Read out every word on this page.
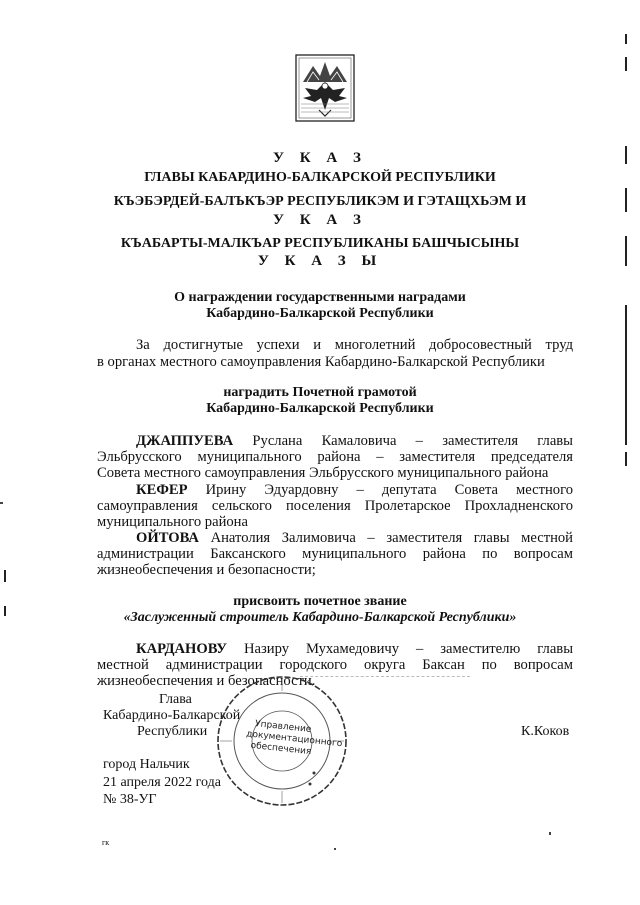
У К А З
ГЛАВЫ КАБАРДИНО-БАЛКАРСКОЙ РЕСПУБЛИКИ
КЪЭБЭРДЕЙ-БАЛЪКЪЭР РЕСПУБЛИКЭМ И ГЭТАЩХЬЭМ И
У К А З
КЪАБАРТЫ-МАЛКЪАР РЕСПУБЛИКАНЫ БАШЧЫСЫНЫ
У К А З Ы
О награждении государственными наградами
Кабардино-Балкарской Республики
За достигнутые успехи и многолетний добросовестный труд
в органах местного самоуправления Кабардино-Балкарской Республики
наградить Почетной грамотой
Кабардино-Балкарской Республики
ДЖАППУЕВА Руслана Камаловича – заместителя главы
Эльбрусского муниципального района – заместителя председателя
Совета местного самоуправления Эльбрусского муниципального района
КЕФЕР Ирину Эдуардовну – депутата Совета местного
самоуправления сельского поселения Пролетарское Прохладненского
муниципального района
ОЙТОВА Анатолия Залимовича – заместителя главы местной
администрации Баксанского муниципального района по вопросам
жизнеобеспечения и безопасности;
присвоить почетное звание
«Заслуженный строитель Кабардино-Балкарской Республики»
КАРДАНОВУ Назиру Мухамедовичу – заместителю главы
местной администрации городского округа Баксан по вопросам
жизнеобеспечения и безопасности.
Глава
Кабардино-Балкарской
Республики	К.Коков
Управление документационного обеспечения
город Нальчик
21 апреля 2022 года
№ 38-УГ
гк
